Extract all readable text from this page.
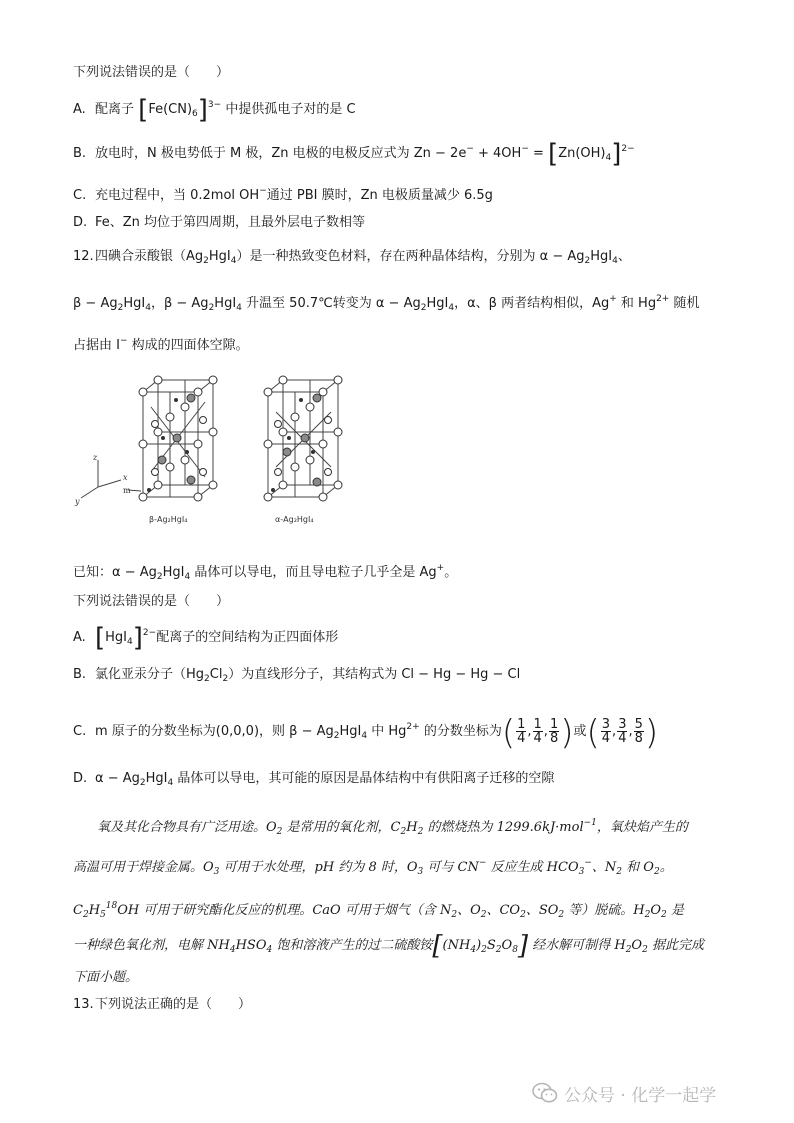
下列说法错误的是（　　）
A. 配离子 $[Fe(CN)_6]^{3-}$ 中提供孤电子对的是 C
B. 放电时，N 极电势低于 M 极，Zn 电极的电极反应式为 $Zn - 2e^- + 4OH^- = [Zn(OH)_4]^{2-}$
C. 充电过程中，当 0.2mol OH−通过 PBI 膜时，Zn 电极质量减少 6.5g
D. Fe、Zn 均位于第四周期，且最外层电子数相等
12.四碘合汞酸银$(Ag_2HgI_4)$是一种热致变色材料，存在两种晶体结构，分别为 $\alpha - Ag_2HgI_4$、
$\beta - Ag_2HgI_4$，$\beta - Ag_2HgI_4$ 升温至 50.7℃转变为 $\alpha - Ag_2HgI_4$，α、β 两者结构相似，Ag+ 和 $Hg^{2+}$ 随机
占据由 I− 构成的四面体空隙。
z
x
y
m
β-Ag₂HgI₄	α-Ag₂HgI₄
已知：$\alpha - Ag_2HgI_4$ 晶体可以导电，而且导电粒子几乎全是 Ag+。
下列说法错误的是（　　）
A. $[HgI_4]^{2-}$配离子的空间结构为正四面体形
B. 氯化亚汞分子$(Hg_2Cl_2)$为直线形分子，其结构式为 Cl − Hg − Hg − Cl
C. m 原子的分数坐标为(0,0,0)，则 $\beta - Ag_2HgI_4$ 中 $Hg^{2+}$ 的分数坐标为( $\frac{1}{4}$ , $\frac{1}{4}$ , $\frac{1}{8}$ )或( $\frac{3}{4}$ , $\frac{3}{4}$ , $\frac{5}{8}$ )
D. $\alpha - Ag_2HgI_4$ 晶体可以导电，其可能的原因是晶体结构中有供阳离子迁移的空隙
氧及其化合物具有广泛用途。$O_2$ 是常用的氧化剂，$C_2H_2$ 的燃烧热为 1299.6kJ·mol$^{-1}$，氧炔焰产生的
高温可用于焊接金属。$O_3$ 可用于水处理，pH 约为 8 时，$O_3$ 可与 CN− 反应生成 $HCO_3^-$、$N_2$ 和 $O_2$。
$C_2H_5^{18}OH$ 可用于研究酯化反应的机理。CaO 可用于烟气（含 $N_2$、$O_2$、$CO_2$、$SO_2$ 等）脱硫。$H_2O_2$ 是
一种绿色氧化剂，电解 $NH_4HSO_4$ 饱和溶液产生的过二硫酸铵$[(NH_4)_2S_2O_8]$ 经水解可制得 $H_2O_2$ 据此完成
下面小题。
13.下列说法正确的是（　　）
公众号 · 化学一起学
